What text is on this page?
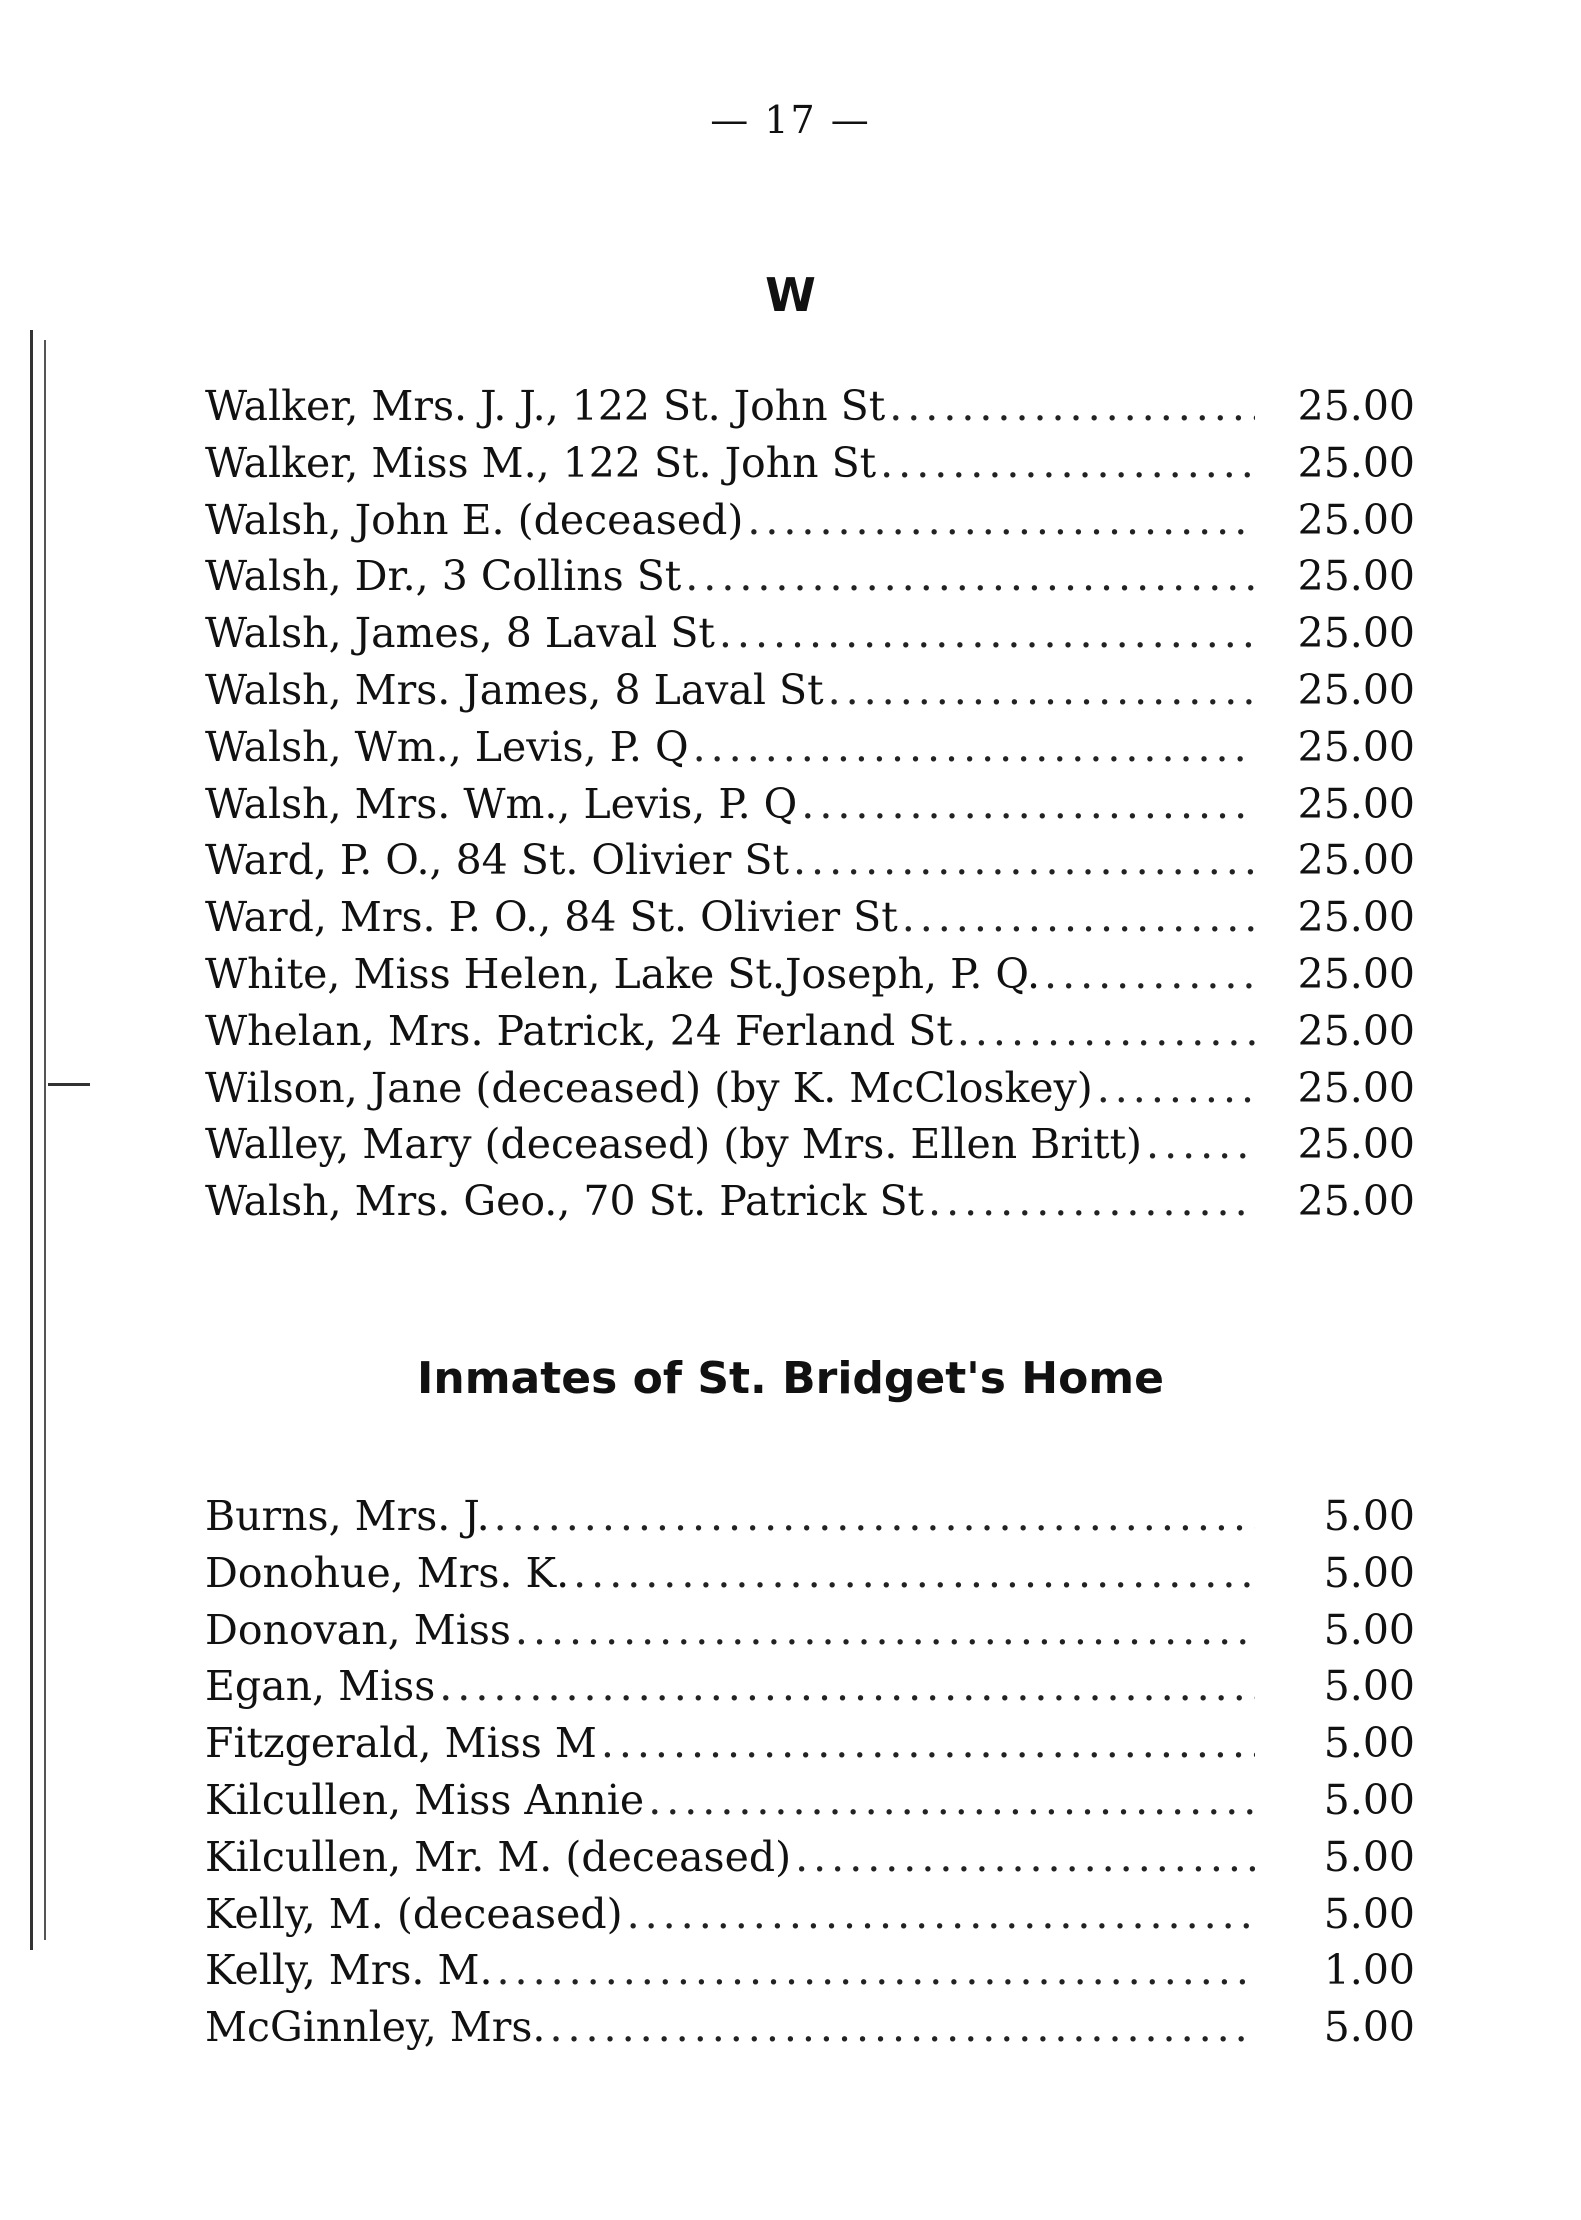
— 17 —
W
Walker, Mrs. J. J., 122 St. John St .....	25.00
Walker, Miss M., 122 St. John St .....	25.00
Walsh, John E. (deceased) .....	25.00
Walsh, Dr., 3 Collins St .....	25.00
Walsh, James, 8 Laval St .....	25.00
Walsh, Mrs. James, 8 Laval St .....	25.00
Walsh, Wm., Levis, P. Q .....	25.00
Walsh, Mrs. Wm., Levis, P. Q .....	25.00
Ward, P. O., 84 St. Olivier St .....	25.00
Ward, Mrs. P. O., 84 St. Olivier St .....	25.00
White, Miss Helen, Lake St.Joseph, P. Q. .....	25.00
Whelan, Mrs. Patrick, 24 Ferland St .....	25.00
Wilson, Jane (deceased) (by K. McCloskey) .....	25.00
Walley, Mary (deceased) (by Mrs. Ellen Britt) .....	25.00
Walsh, Mrs. Geo., 70 St. Patrick St .....	25.00
Inmates of St. Bridget's Home
Burns, Mrs. J. .....	5.00
Donohue, Mrs. K. .....	5.00
Donovan, Miss .....	5.00
Egan, Miss .....	5.00
Fitzgerald, Miss M .....	5.00
Kilcullen, Miss Annie .....	5.00
Kilcullen, Mr. M. (deceased) .....	5.00
Kelly, M. (deceased) .....	5.00
Kelly, Mrs. M. .....	1.00
McGinnley, Mrs. .....	5.00
